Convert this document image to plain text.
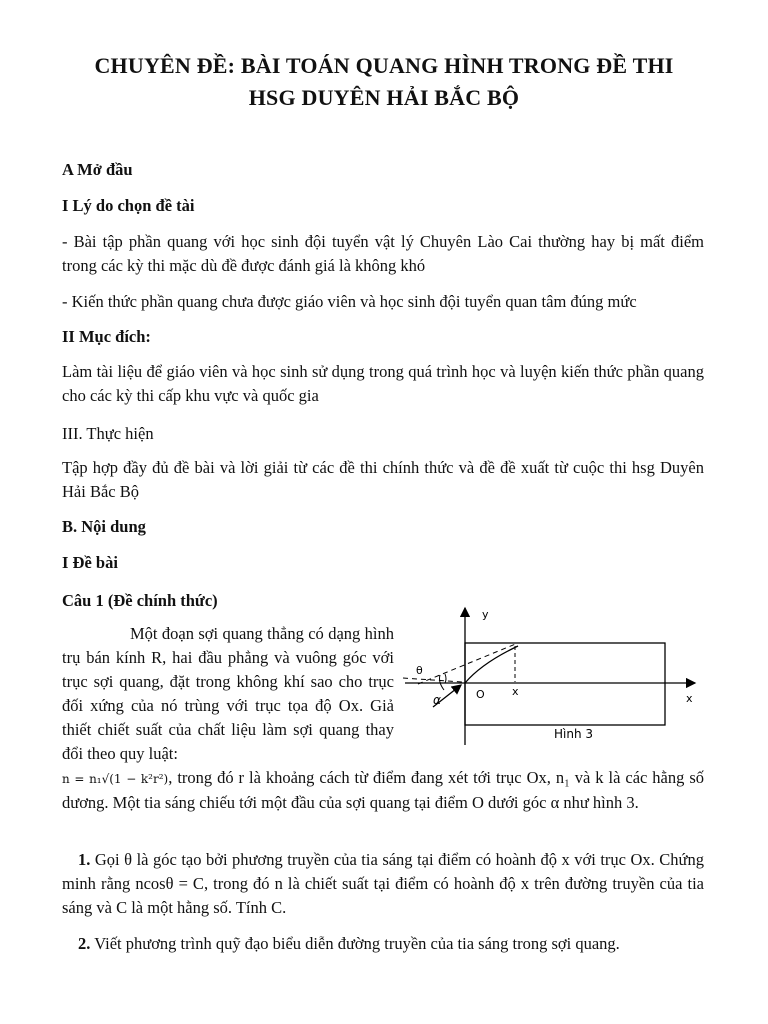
CHUYÊN ĐỀ: BÀI TOÁN QUANG HÌNH TRONG ĐỀ THI
HSG DUYÊN HẢI BẮC BỘ
A Mở đầu
I Lý do chọn đề tài
- Bài tập phần quang với học sinh đội tuyển vật lý Chuyên Lào Cai thường hay bị mất điểm trong các kỳ thi mặc dù đề được đánh giá là không khó
- Kiến thức phần quang chưa được giáo viên và học sinh đội tuyển quan tâm đúng mức
II Mục đích:
Làm tài liệu để giáo viên và học sinh sử dụng trong quá trình học và luyện kiến thức phần quang cho các kỳ thi cấp khu vực và quốc gia
III. Thực hiện
Tập hợp đầy đủ đề bài và lời giải từ các đề thi chính thức và đề đề xuất từ cuộc thi hsg Duyên Hải Bắc Bộ
B. Nội dung
I Đề bài
Câu 1 (Đề chính thức)
Một đoạn sợi quang thẳng có dạng hình trụ bán kính R, hai đầu phẳng và vuông góc với trục sợi quang, đặt trong không khí sao cho trục đối xứng của nó trùng với trục tọa độ Ox. Giả thiết chiết suất của chất liệu làm sợi quang thay đổi theo quy luật:
n = n₁√(1 − k²r²), trong đó r là khoảng cách từ điểm đang xét tới trục Ox, n₁ và k là các hằng số dương. Một tia sáng chiếu tới một đầu của sợi quang tại điểm O dưới góc α như hình 3.
1. Gọi θ là góc tạo bởi phương truyền của tia sáng tại điểm có hoành độ x với trục Ox. Chứng minh rằng ncosθ = C, trong đó n là chiết suất tại điểm có hoành độ x trên đường truyền của tia sáng và C là một hằng số. Tính C.
2. Viết phương trình quỹ đạo biểu diễn đường truyền của tia sáng trong sợi quang.
y
x
x
O
θ
α
Hình 3
